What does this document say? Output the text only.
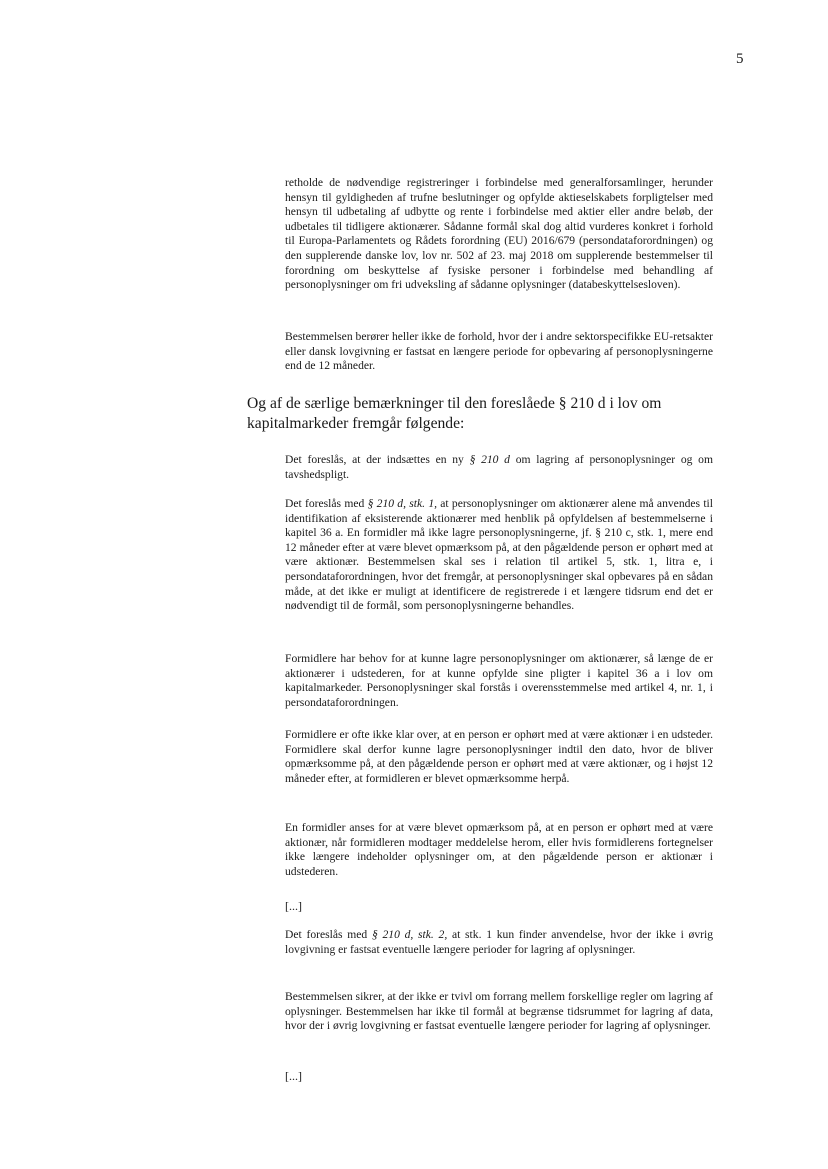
5

retholde de nødvendige registreringer i forbindelse med generalforsamlinger, herunder hensyn til gyldigheden af trufne beslutninger og opfylde aktieselskabets forpligtelser med hensyn til udbetaling af udbytte og rente i forbindelse med aktier eller andre beløb, der udbetales til tidligere aktionærer. Sådanne formål skal dog altid vurderes konkret i forhold til Europa-Parlamentets og Rådets forordning (EU) 2016/679 (persondataforordningen) og den supplerende danske lov, lov nr. 502 af 23. maj 2018 om supplerende bestemmelser til forordning om beskyttelse af fysiske personer i forbindelse med behandling af personoplysninger om fri udveksling af sådanne oplysninger (databeskyttelsesloven).

Bestemmelsen berører heller ikke de forhold, hvor der i andre sektorspecifikke EU-retsakter eller dansk lovgivning er fastsat en længere periode for opbevaring af personoplysningerne end de 12 måneder.

Og af de særlige bemærkninger til den foreslåede § 210 d i lov om kapitalmarkeder fremgår følgende:

Det foreslås, at der indsættes en ny § 210 d om lagring af personoplysninger og om tavshedspligt.

Det foreslås med § 210 d, stk. 1, at personoplysninger om aktionærer alene må anvendes til identifikation af eksisterende aktionærer med henblik på opfyldelsen af bestemmelserne i kapitel 36 a. En formidler må ikke lagre personoplysningerne, jf. § 210 c, stk. 1, mere end 12 måneder efter at være blevet opmærksom på, at den pågældende person er ophørt med at være aktionær. Bestemmelsen skal ses i relation til artikel 5, stk. 1, litra e, i persondataforordningen, hvor det fremgår, at personoplysninger skal opbevares på en sådan måde, at det ikke er muligt at identificere de registrerede i et længere tidsrum end det er nødvendigt til de formål, som personoplysningerne behandles.

Formidlere har behov for at kunne lagre personoplysninger om aktionærer, så længe de er aktionærer i udstederen, for at kunne opfylde sine pligter i kapitel 36 a i lov om kapitalmarkeder. Personoplysninger skal forstås i overensstemmelse med artikel 4, nr. 1, i persondataforordningen.

Formidlere er ofte ikke klar over, at en person er ophørt med at være aktionær i en udsteder. Formidlere skal derfor kunne lagre personoplysninger indtil den dato, hvor de bliver opmærksomme på, at den pågældende person er ophørt med at være aktionær, og i højst 12 måneder efter, at formidleren er blevet opmærksomme herpå.

En formidler anses for at være blevet opmærksom på, at en person er ophørt med at være aktionær, når formidleren modtager meddelelse herom, eller hvis formidlerens fortegnelser ikke længere indeholder oplysninger om, at den pågældende person er aktionær i udstederen.

[...]

Det foreslås med § 210 d, stk. 2, at stk. 1 kun finder anvendelse, hvor der ikke i øvrig lovgivning er fastsat eventuelle længere perioder for lagring af oplysninger.

Bestemmelsen sikrer, at der ikke er tvivl om forrang mellem forskellige regler om lagring af oplysninger. Bestemmelsen har ikke til formål at begrænse tidsrummet for lagring af data, hvor der i øvrig lovgivning er fastsat eventuelle længere perioder for lagring af oplysninger.

[...]
